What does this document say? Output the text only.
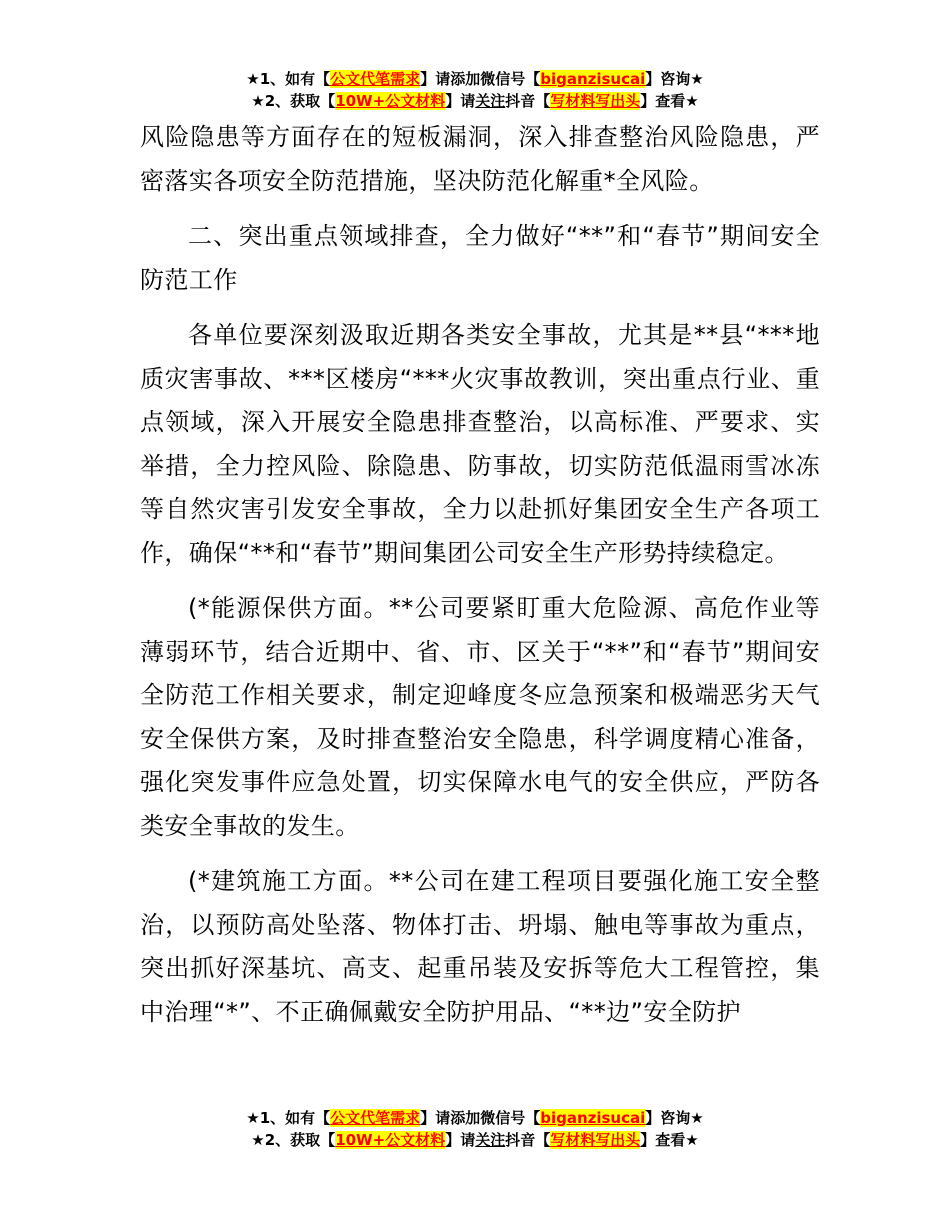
★1、如有【公文代笔需求】请添加微信号【biganzisucai】咨询★
★2、获取【10W+公文材料】请关注抖音【写材料写出头】查看★

风险隐患等方面存在的短板漏洞，深入排查整治风险隐患，严密落实各项安全防范措施，坚决防范化解重*全风险。

二、突出重点领域排查，全力做好“**”和“春节”期间安全防范工作

各单位要深刻汲取近期各类安全事故，尤其是**县“***地质灾害事故、***区楼房“***火灾事故教训，突出重点行业、重点领域，深入开展安全隐患排查整治，以高标准、严要求、实举措，全力控风险、除隐患、防事故，切实防范低温雨雪冰冻等自然灾害引发安全事故，全力以赴抓好集团安全生产各项工作，确保“**和“春节”期间集团公司安全生产形势持续稳定。

(*能源保供方面。**公司要紧盯重大危险源、高危作业等薄弱环节，结合近期中、省、市、区关于“**”和“春节”期间安全防范工作相关要求，制定迎峰度冬应急预案和极端恶劣天气安全保供方案，及时排查整治安全隐患，科学调度精心准备，强化突发事件应急处置，切实保障水电气的安全供应，严防各类安全事故的发生。

(*建筑施工方面。**公司在建工程项目要强化施工安全整治，以预防高处坠落、物体打击、坍塌、触电等事故为重点，突出抓好深基坑、高支、起重吊装及安拆等危大工程管控，集中治理“*”、不正确佩戴安全防护用品、“**边”安全防护

★1、如有【公文代笔需求】请添加微信号【biganzisucai】咨询★
★2、获取【10W+公文材料】请关注抖音【写材料写出头】查看★
